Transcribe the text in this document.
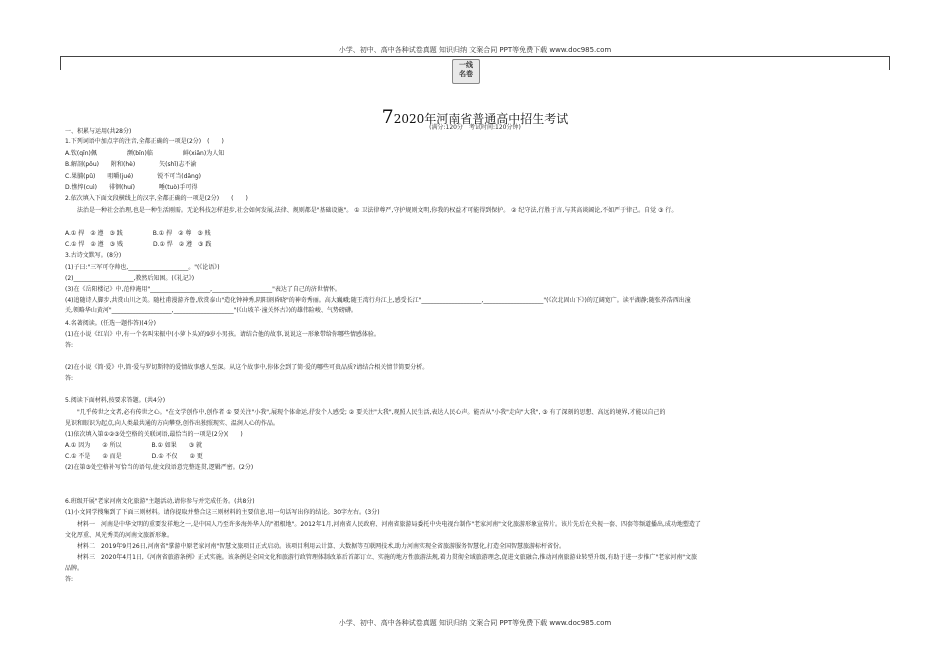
小学、初中、高中各种试卷真题 知识归纳 文案合同 PPT等免费下载 www.doc985.com
一线
名卷
72020年河南省普通高中招生考试
(满分:120分　考试时间:120分钟)
一、积累与运用(共28分)
1.下列词语中加点字的注音,全都正确的一项是(2分)　(　　)
A.钦(qīn)佩　　　　　濒(bīn)临　　　　　鲜(xiān)为人知
B.解剖(pōu)　　附和(hè)　　　　矢(shǐ)志不渝
C.果脯(pǔ)　　咀嚼(jué)　　　　锐不可当(dāng)
D.憔悴(cuì)　　徘徊(huí)　　　　唾(tuò)手可得
2.依次填入下面文段横线上的汉字,全都正确的一项是(2分)　　(　　)
法治是一种社会治理,也是一种生活刚需。无论科技怎样进步,社会如何发展,法律、规则都是"基础设施"。 ① 卫法律尊严,守护规则文明,你我的权益才可能得到保护。 ② 纪守法,行胜于言,与其高谈阔论,不如严于律己。自觉 ③ 行。
A.① 捍　② 遵　③ 践　　　　　B.① 捍　② 尊　③ 贱
C.① 悍　② 遵　③ 贱　　　　　D.① 悍　② 遵　③ 践
3.古诗文默写。(8分)
(1)子曰:"三军可夺帅也,____________________。"(《论语》)
(2)____________________,教然后知困。(《礼记》)
(3)在《岳阳楼记》中,范仲淹用"____________________,____________________"表达了自己的济世情怀。
(4)追随诗人脚步,共赏山川之美。随杜甫漫游齐鲁,欣赏泰山"造化钟神秀,阴阳割昏晓"的神奇秀丽。高大巍峨;随王湾行舟江上,感受长江"____________________,____________________"(《次北固山下》)的辽阔宽广。读平湖静;随张养浩西出潼
关,领略华山黄河"____________________,____________________"(《山坡羊·潼关怀古》)的雄伟险峻、气势磅礴。
4.名著阅读。(任选一题作答)(4分)
(1)在小说《红岩》中,有一个名叫宋振中(小萝卜头)的9岁小男孩。请结合他的故事,说说这一形象带给你哪些情感体验。
答:
(2)在小说《简·爱》中,简·爱与罗切斯特的爱情故事感人至深。从这个故事中,你体会到了简·爱的哪些可贵品质?请结合相关情节简要分析。
答:
5.阅读下面材料,按要求答题。(共4分)
"几乎传世之文者,必有传世之心。"在文学创作中,创作者 ① 要关注"小我",展现个体命运,抒发个人感受; ② 要关注"大我",观照人民生活,表达人民心声。能否从"小我"走向"大我", ③ 有了深刻的思想、高远的境界,才能以自己的
见识和眼识为起点,向人类最共通的方向攀登,创作出独照现实、温润人心的作品。
(1)依次填入第①②③处空格的关联词语,最恰当的一项是(2分)(　　)
A.① 因为　　② 所以　　　　　B.① 如果　　③ 就
C.① 不是　　② 而是　　　　　D.① 不仅　　② 更
(2)在第③处空格补写恰当的语句,使文段语意完整连贯,逻辑严密。(2分)
6.班级开展"老家河南文化旅游"主题活动,请你参与并完成任务。(共8分)
(1)小文同学搜集到了下面三则材料。请你提取并整合这三则材料的主要信息,用一句话写出你的结论。30字左右。(3分)
材料一　河南是中华文明的重要发祥地之一,是中国人乃至许多海外华人的"祖根地"。2012年1月,河南省人民政府、河南省旅游局委托中央电视台制作"老家河南"文化旅游形象宣传片。该片先后在央视一套、四套等频道播出,成功地塑造了
文化厚重、风光秀美的河南文旅新形象。
材料二　2019年9月26日,河南省"掌游中原老家河南"智慧文旅项目正式启动。该项目利用云计算、大数据等互联网技术,助力河南实现全省旅游服务智慧化,打造全国智慧旅游标杆省份。
材料三　2020年4月1日,《河南省旅游条例》正式实施。该条例是全国文化和旅游行政管理体制改革后首部订立、实施的地方性旅游法规,着力贯彻全域旅游理念,促进文旅融合,推动河南旅游业转型升级,有助于进一步推广"老家河南"文旅
品牌。
答:
小学、初中、高中各种试卷真题 知识归纳 文案合同 PPT等免费下载 www.doc985.com
